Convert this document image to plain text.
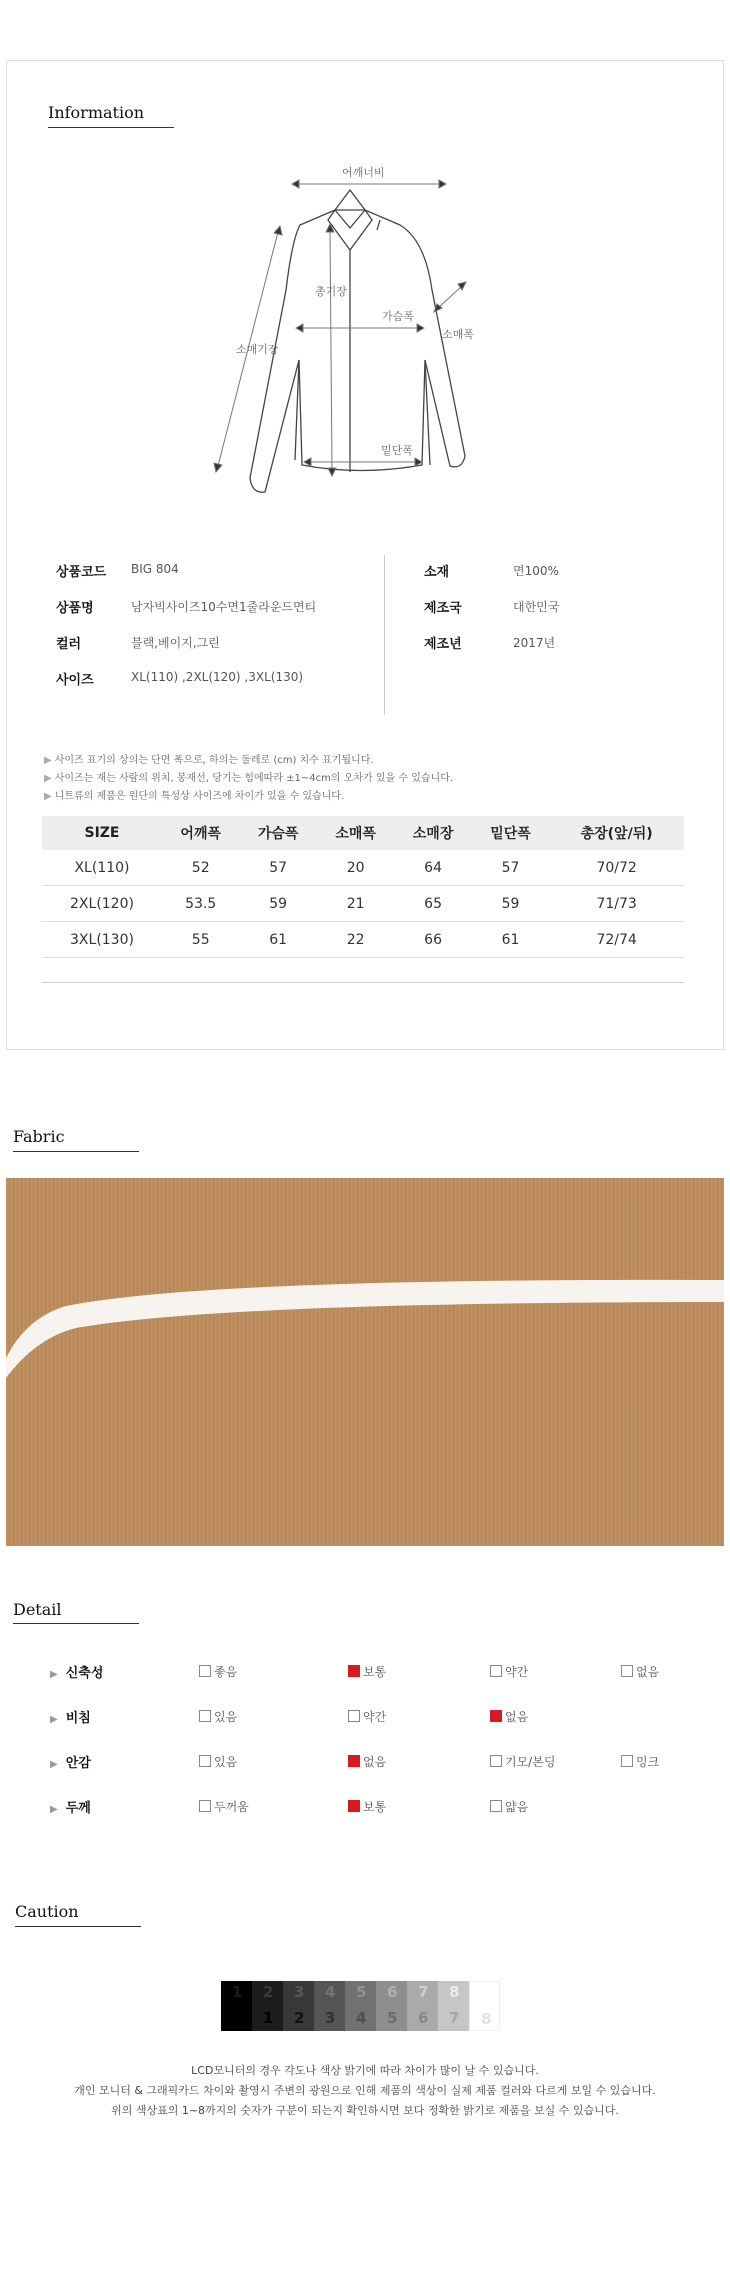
Information
어깨너비
총기장
가슴폭
소매기장
소매폭
밑단폭
상품코드 BIG 804
상품명	남자빅사이즈10수면1줄라운드면티
컬러	블랙,베이지,그린
사이즈	XL(110) ,2XL(120) ,3XL(130)
소재	면100%
제조국	대한민국
제조년	2017년
▶ 사이즈 표기의 상의는 단면 폭으로, 하의는 둘레로 (cm) 치수 표기됩니다.
▶ 사이즈는 재는 사람의 위치, 봉재선, 당기는 힘에따라 ±1~4cm의 오차가 있을 수 있습니다.
▶ 니트류의 제품은 원단의 특성상 사이즈에 차이가 있을 수 있습니다.
SIZE	어깨폭	가슴폭	소매폭	소매장	밑단폭	총장(앞/뒤)
XL(110)	52	57	20	64	57	70/72
2XL(120)	53.5	59	21	65	59	71/73
3XL(130)	55	61	22	66	61	72/74
Fabric
Detail
▶ 신축성	좋음	보통	약간	없음
▶ 비침	있음	약간	없음
▶ 안감	있음	없음	기모/본딩	밍크
▶ 두께	두꺼움	보통	얇음
Caution
1 2
1
3
2
4
3
5
4
6
5
7
6
8
7 8
LCD모니터의 경우 각도나 색상 밝기에 따라 차이가 많이 날 수 있습니다.
개인 모니터 & 그래픽카드 차이와 촬영시 주변의 광원으로 인해 제품의 색상이 실제 제품 컬러와 다르게 보일 수 있습니다.
위의 색상표의 1~8까지의 숫자가 구분이 되는지 확인하시면 보다 정확한 밝기로 제품을 보실 수 있습니다.
